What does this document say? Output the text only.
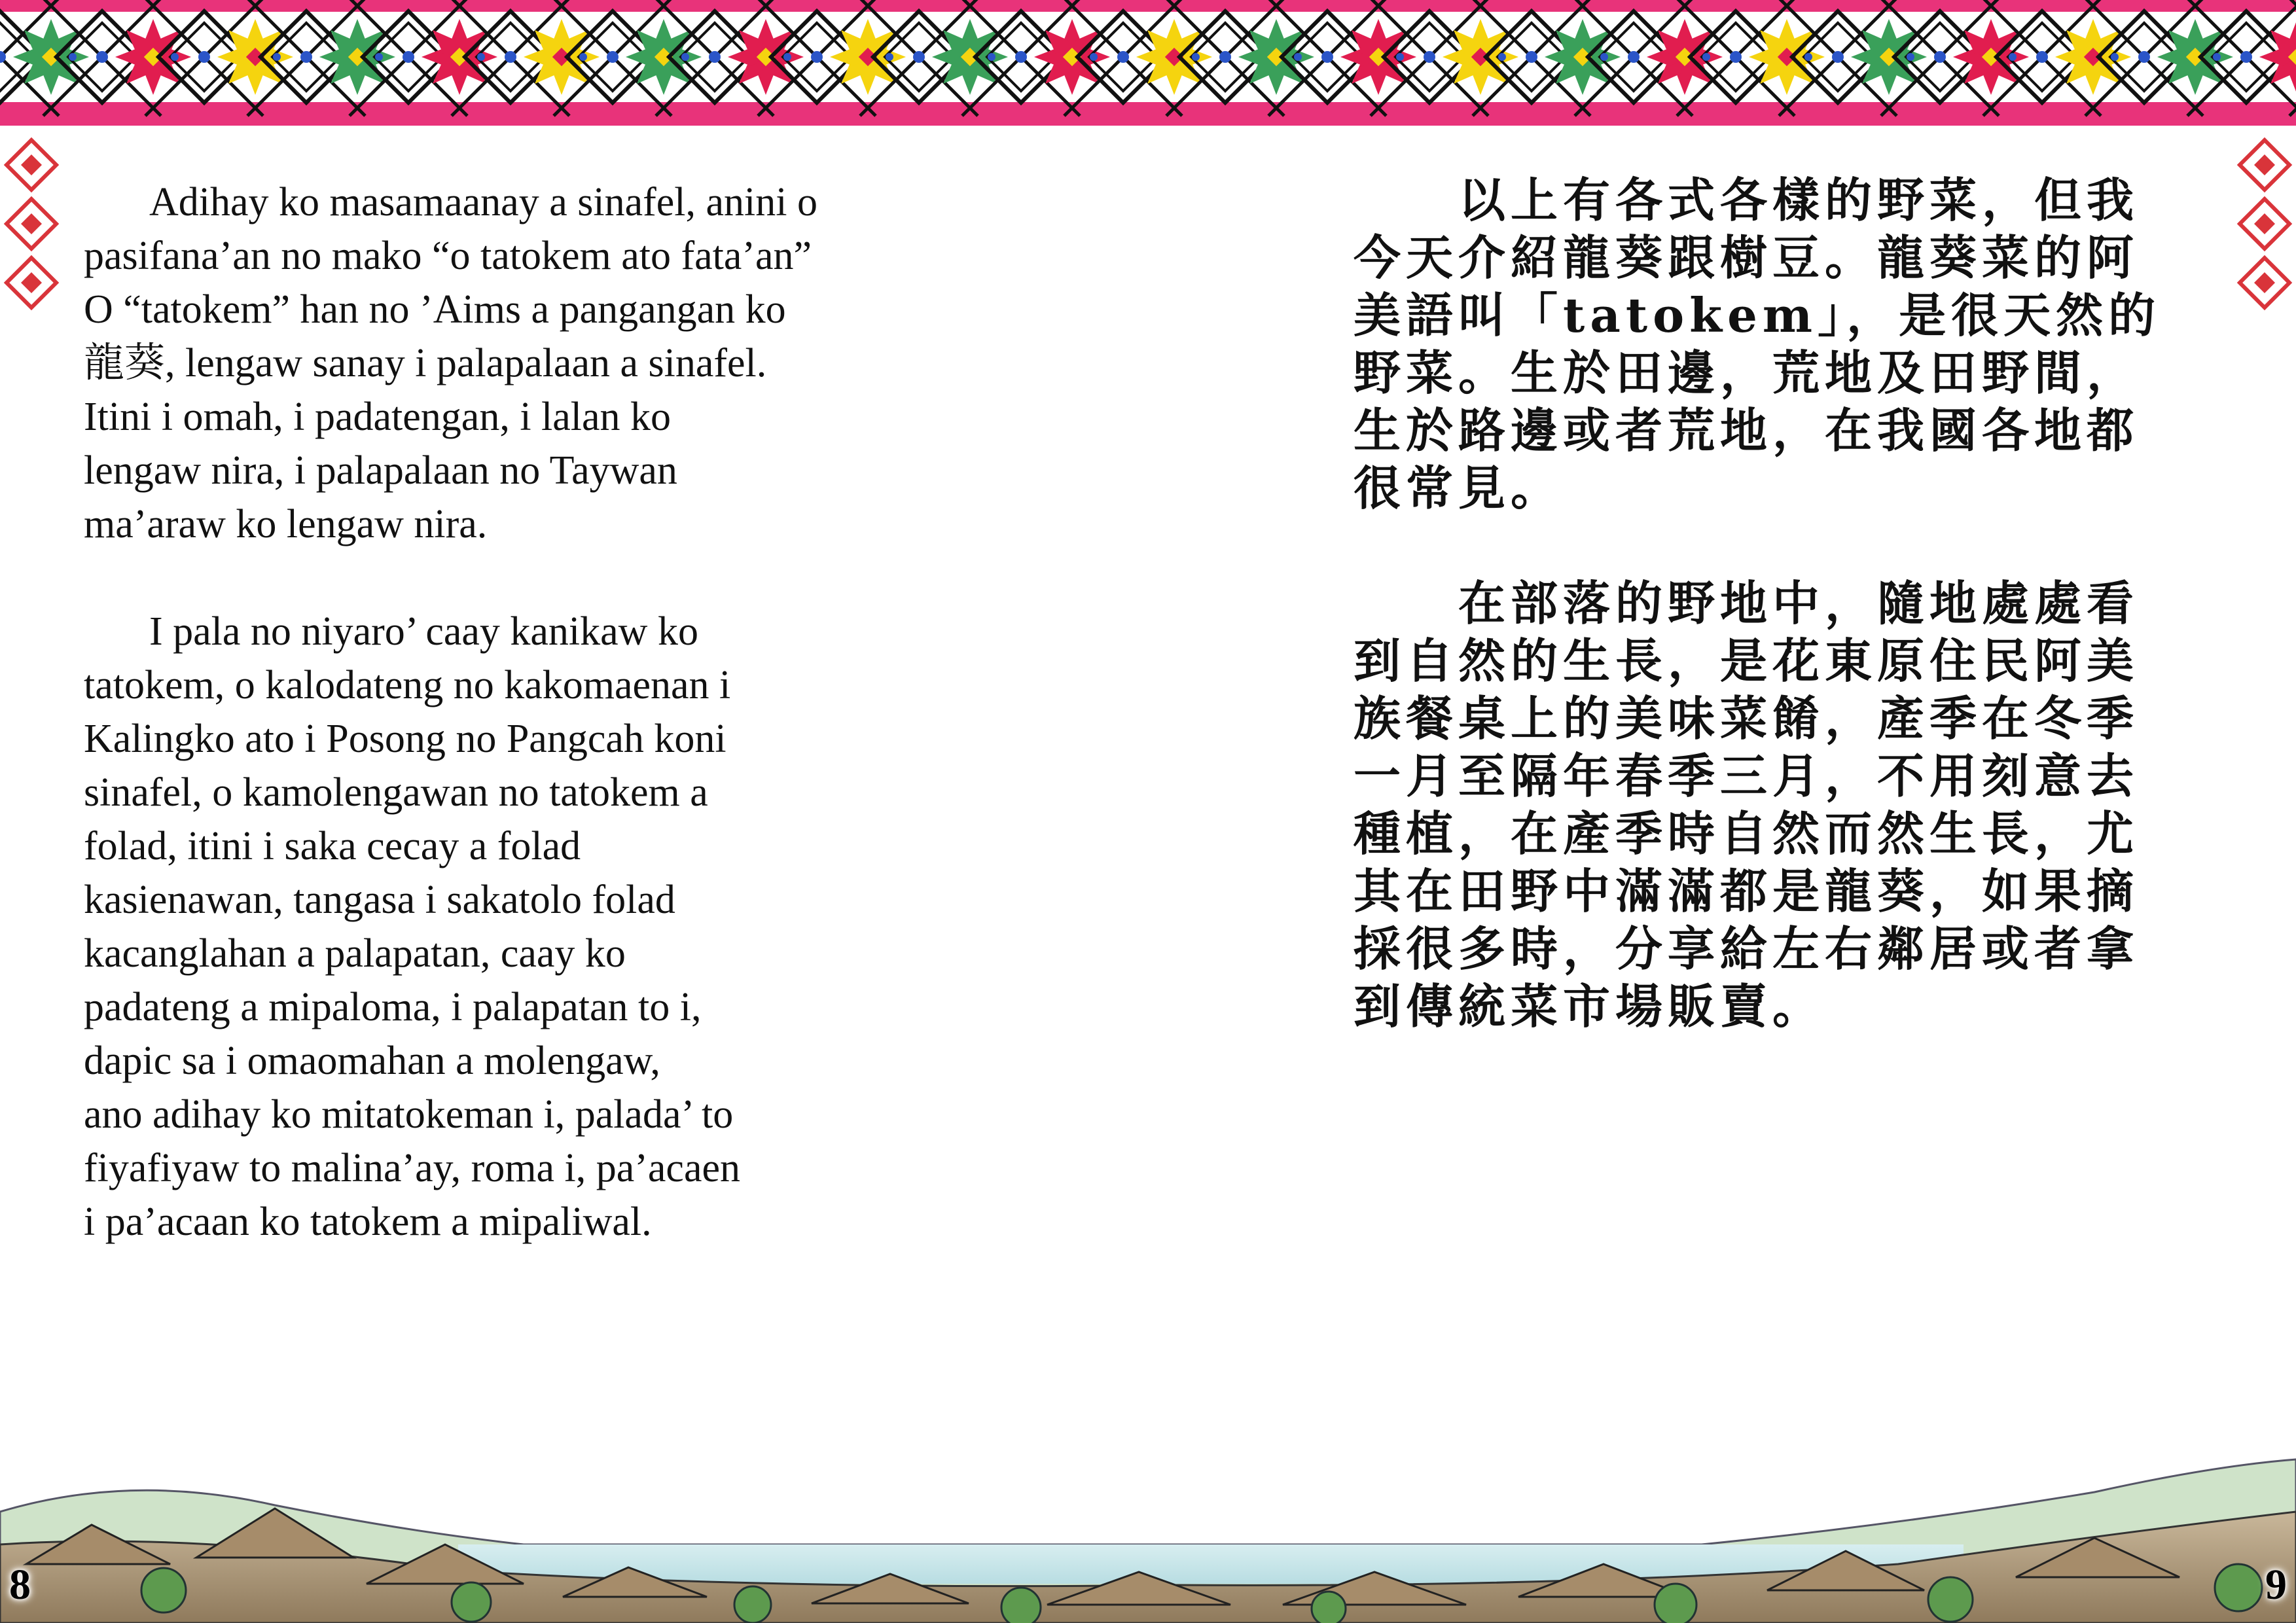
Adihay ko masamaanay a sinafel, anini o
pasifana’an no mako “o tatokem ato fata’an”
O “tatokem” han no ’Aims a pangangan ko
龍葵, lengaw sanay i palapalaan a sinafel.
Itini i omah, i padatengan, i lalan ko
lengaw nira, i palapalaan no Taywan
ma’araw ko lengaw nira.

I pala no niyaro’ caay kanikaw ko
tatokem, o kalodateng no kakomaenan i
Kalingko ato i Posong no Pangcah koni
sinafel, o kamolengawan no tatokem a
folad, itini i saka cecay a folad
kasienawan, tangasa i sakatolo folad
kacanglahan a palapatan, caay ko
padateng a mipaloma, i palapatan to i,
dapic sa i omaomahan a molengaw,
ano adihay ko mitatokeman i, palada’ to
fiyafiyaw to malina’ay, roma i, pa’acaen
i pa’acaan ko tatokem a mipaliwal.

　　以上有各式各樣的野菜，但我
今天介紹龍葵跟樹豆。龍葵菜的阿
美語叫「tatokem」，是很天然的
野菜。生於田邊，荒地及田野間，
生於路邊或者荒地，在我國各地都
很常見。

　　在部落的野地中，隨地處處看
到自然的生長，是花東原住民阿美
族餐桌上的美味菜餚，產季在冬季
一月至隔年春季三月，不用刻意去
種植，在產季時自然而然生長，尤
其在田野中滿滿都是龍葵，如果摘
採很多時，分享給左右鄰居或者拿
到傳統菜市場販賣。

8	9
